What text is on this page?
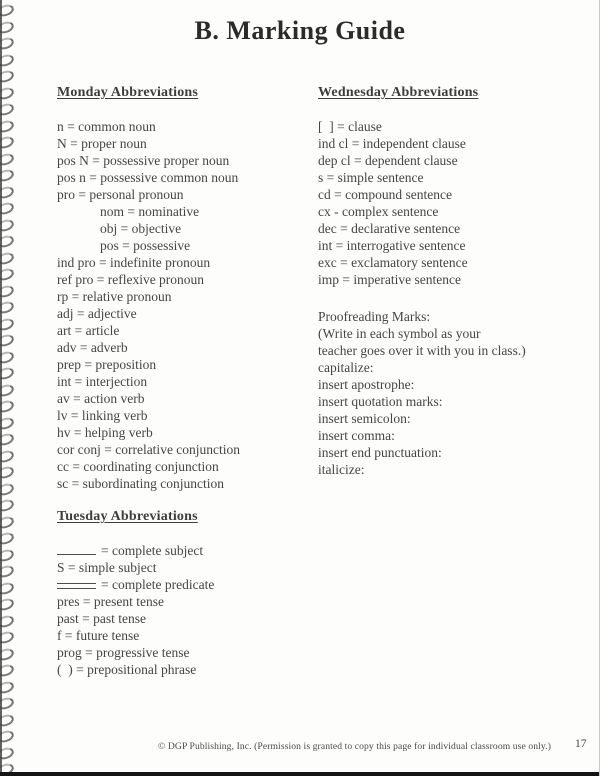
B. Marking Guide
Monday Abbreviations
n = common noun
N = proper noun
pos N = possessive proper noun
pos n = possessive common noun
pro = personal pronoun
nom = nominative
obj = objective
pos = possessive
ind pro = indefinite pronoun
ref pro = reflexive pronoun
rp = relative pronoun
adj = adjective
art = article
adv = adverb
prep = preposition
int = interjection
av = action verb
lv = linking verb
hv = helping verb
cor conj = correlative conjunction
cc = coordinating conjunction
sc = subordinating conjunction
Tuesday Abbreviations
= complete subject
S = simple subject
= complete predicate
pres = present tense
past = past tense
f = future tense
prog = progressive tense
(  ) = prepositional phrase
Wednesday Abbreviations
[  ] = clause
ind cl = independent clause
dep cl = dependent clause
s = simple sentence
cd = compound sentence
cx - complex sentence
dec = declarative sentence
int = interrogative sentence
exc = exclamatory sentence
imp = imperative sentence
Proofreading Marks:
(Write in each symbol as your
teacher goes over it with you in class.)
capitalize:
insert apostrophe:
insert quotation marks:
insert semicolon:
insert comma:
insert end punctuation:
italicize:
© DGP Publishing, Inc. (Permission is granted to copy this page for individual classroom use only.) 17
